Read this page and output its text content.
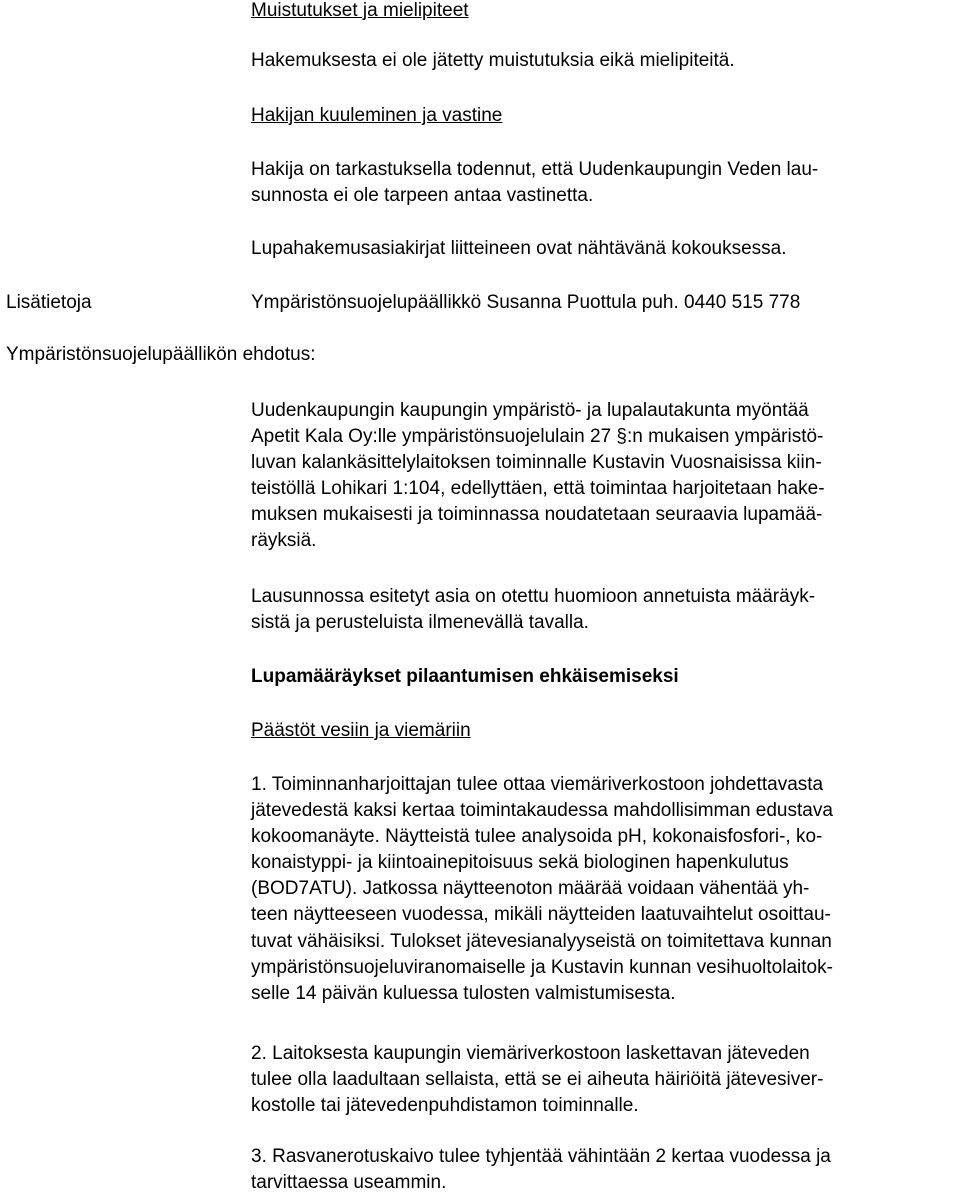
Muistutukset ja mielipiteet

Hakemuksesta ei ole jätetty muistutuksia eikä mielipiteitä.

Hakijan kuuleminen ja vastine

Hakija on tarkastuksella todennut, että Uudenkaupungin Veden lau-
sunnosta ei ole tarpeen antaa vastinetta.

Lupahakemusasiakirjat liitteineen ovat nähtävänä kokouksessa.

Lisätietoja	Ympäristönsuojelupäällikkö Susanna Puottula puh. 0440 515 778

Ympäristönsuojelupäällikön ehdotus:

Uudenkaupungin kaupungin ympäristö- ja lupalautakunta myöntää
Apetit Kala Oy:lle ympäristönsuojelulain 27 §:n mukaisen ympäristö-
luvan kalankäsittelylaitoksen toiminnalle Kustavin Vuosnaisissa kiin-
teistöllä Lohikari 1:104, edellyttäen, että toimintaa harjoitetaan hake-
muksen mukaisesti ja toiminnassa noudatetaan seuraavia lupamää-
räyksiä.

Lausunnossa esitetyt asia on otettu huomioon annetuista määräyk-
sistä ja perusteluista ilmenevällä tavalla.

Lupamääräykset pilaantumisen ehkäisemiseksi

Päästöt vesiin ja viemäriin

1. Toiminnanharjoittajan tulee ottaa viemäriverkostoon johdettavasta
jätevedestä kaksi kertaa toimintakaudessa mahdollisimman edustava
kokoomanäyte. Näytteistä tulee analysoida pH, kokonaisfosfori-, ko-
konaistyppi- ja kiintoainepitoisuus sekä biologinen hapenkulutus
(BOD7ATU). Jatkossa näytteenoton määrää voidaan vähentää yh-
teen näytteeseen vuodessa, mikäli näytteiden laatuvaihtelut osoittau-
tuvat vähäisiksi. Tulokset jätevesianalyyseistä on toimitettava kunnan
ympäristönsuojeluviranomaiselle ja Kustavin kunnan vesihuoltolaitok-
selle 14 päivän kuluessa tulosten valmistumisesta.

2. Laitoksesta kaupungin viemäriverkostoon laskettavan jäteveden
tulee olla laadultaan sellaista, että se ei aiheuta häiriöitä jätevesiver-
kostolle tai jätevedenpuhdistamon toiminnalle.

3. Rasvanerotuskaivo tulee tyhjentää vähintään 2 kertaa vuodessa ja
tarvittaessa useammin.
